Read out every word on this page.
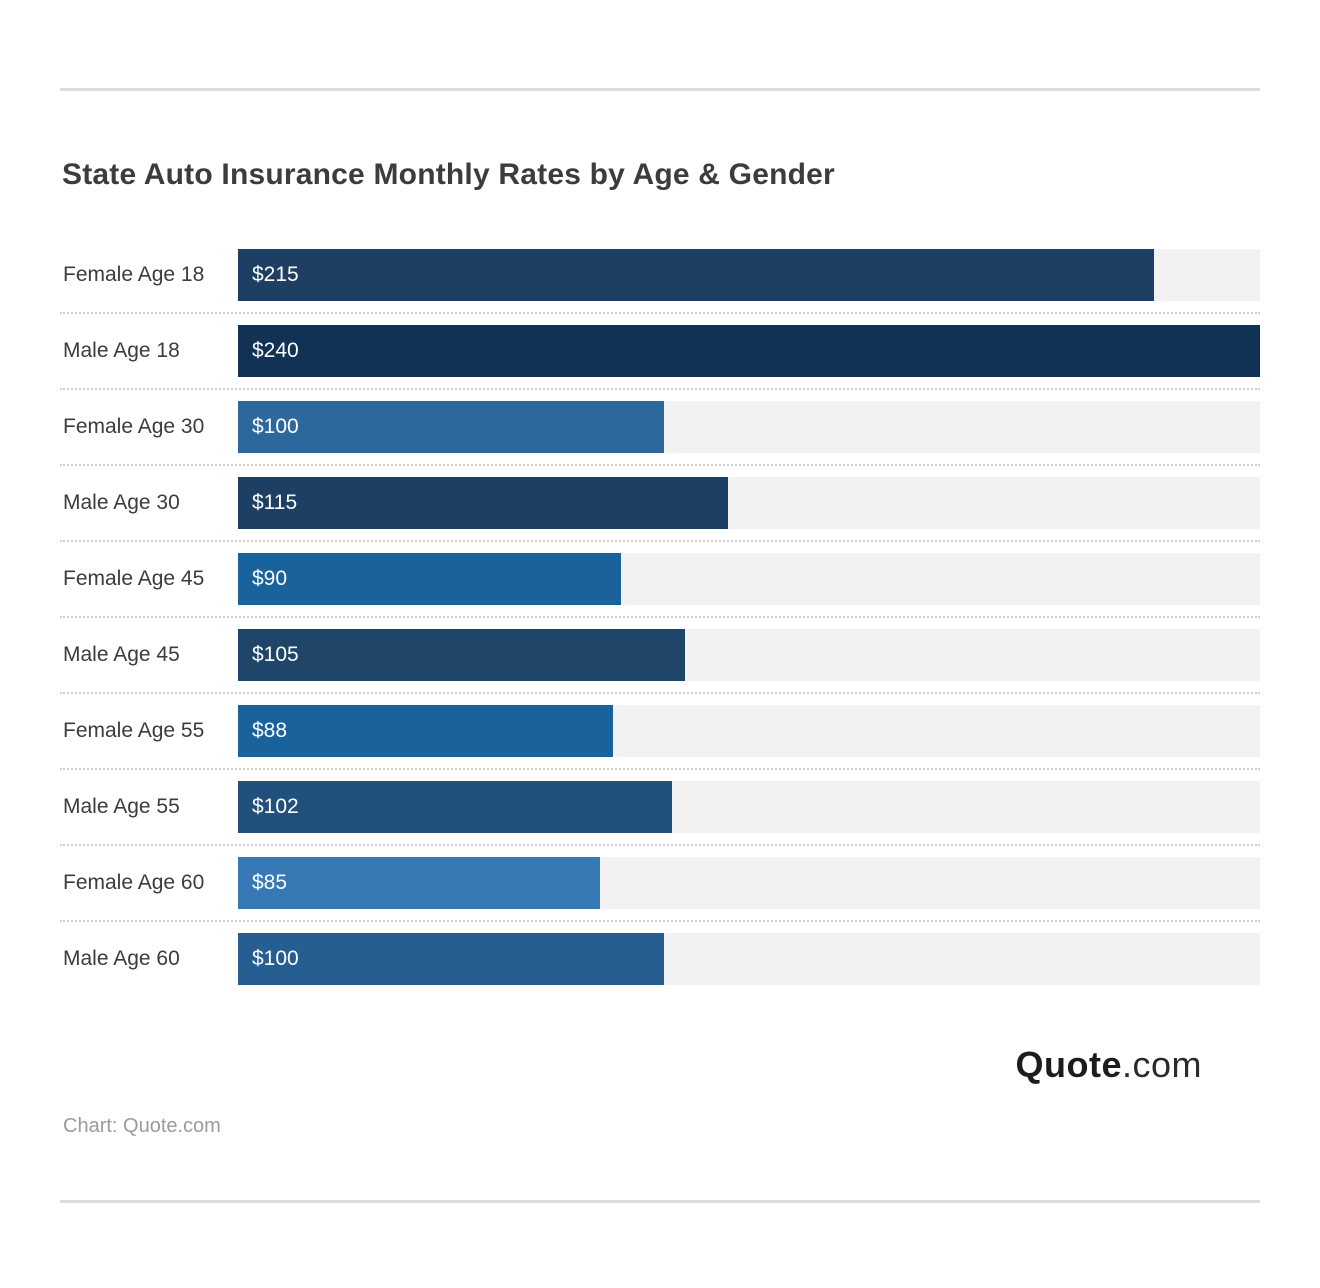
State Auto Insurance Monthly Rates by Age & Gender
Female Age 18	$215
Male Age 18	$240
Female Age 30	$100
Male Age 30	$115
Female Age 45	$90
Male Age 45	$105
Female Age 55	$88
Male Age 55	$102
Female Age 60	$85
Male Age 60	$100
Quote.com
Chart: Quote.com
